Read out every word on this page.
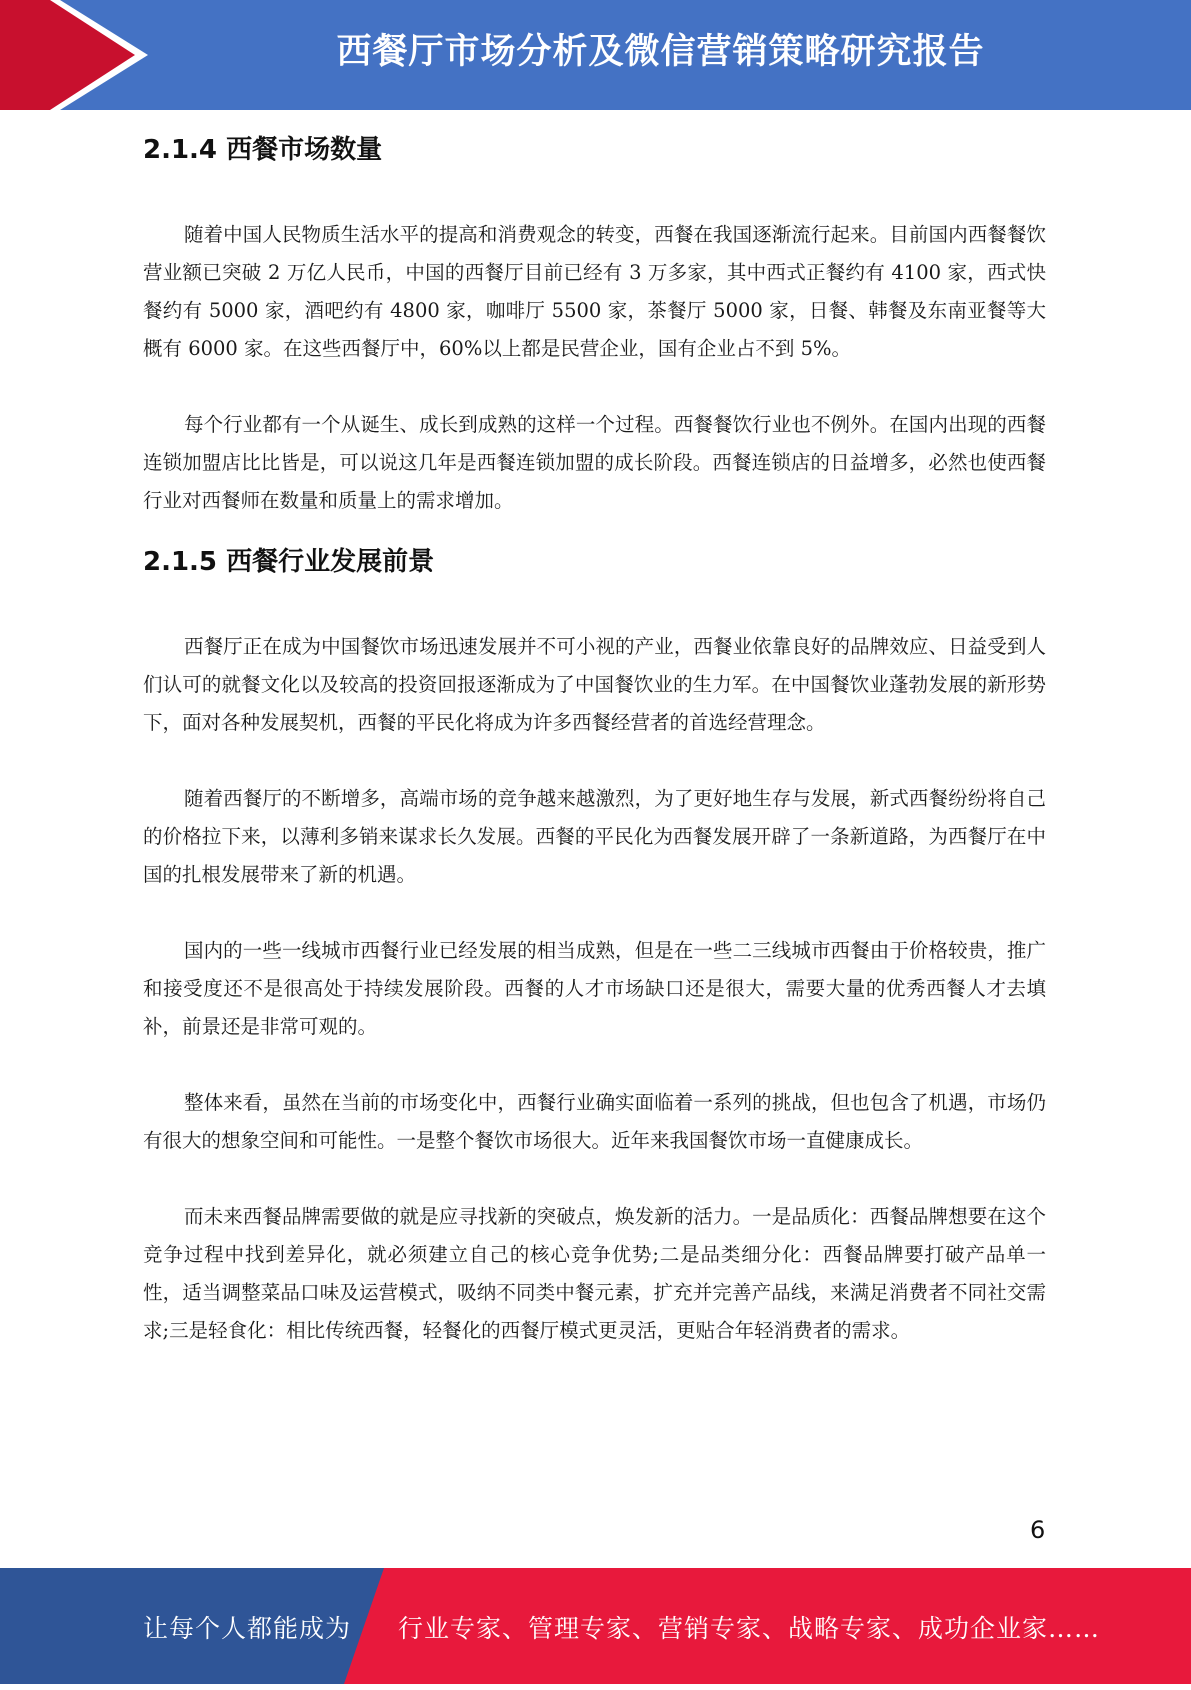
西餐厅市场分析及微信营销策略研究报告
2.1.4 西餐市场数量

随着中国人民物质生活水平的提高和消费观念的转变，西餐在我国逐渐流行起来。目前国内西餐餐饮营业额已突破 2 万亿人民币，中国的西餐厅目前已经有 3 万多家，其中西式正餐约有 4100 家，西式快餐约有 5000 家，酒吧约有 4800 家，咖啡厅 5500 家，茶餐厅 5000 家，日餐、韩餐及东南亚餐等大概有 6000 家。在这些西餐厅中，60%以上都是民营企业，国有企业占不到 5%。

每个行业都有一个从诞生、成长到成熟的这样一个过程。西餐餐饮行业也不例外。在国内出现的西餐连锁加盟店比比皆是，可以说这几年是西餐连锁加盟的成长阶段。西餐连锁店的日益增多，必然也使西餐行业对西餐师在数量和质量上的需求增加。

2.1.5 西餐行业发展前景

西餐厅正在成为中国餐饮市场迅速发展并不可小视的产业，西餐业依靠良好的品牌效应、日益受到人们认可的就餐文化以及较高的投资回报逐渐成为了中国餐饮业的生力军。在中国餐饮业蓬勃发展的新形势下，面对各种发展契机，西餐的平民化将成为许多西餐经营者的首选经营理念。

随着西餐厅的不断增多，高端市场的竞争越来越激烈，为了更好地生存与发展，新式西餐纷纷将自己的价格拉下来，以薄利多销来谋求长久发展。西餐的平民化为西餐发展开辟了一条新道路，为西餐厅在中国的扎根发展带来了新的机遇。

国内的一些一线城市西餐行业已经发展的相当成熟，但是在一些二三线城市西餐由于价格较贵，推广和接受度还不是很高处于持续发展阶段。西餐的人才市场缺口还是很大，需要大量的优秀西餐人才去填补，前景还是非常可观的。

整体来看，虽然在当前的市场变化中，西餐行业确实面临着一系列的挑战，但也包含了机遇，市场仍有很大的想象空间和可能性。一是整个餐饮市场很大。近年来我国餐饮市场一直健康成长。

而未来西餐品牌需要做的就是应寻找新的突破点，焕发新的活力。一是品质化：西餐品牌想要在这个竞争过程中找到差异化，就必须建立自己的核心竞争优势;二是品类细分化：西餐品牌要打破产品单一性，适当调整菜品口味及运营模式，吸纳不同类中餐元素，扩充并完善产品线，来满足消费者不同社交需求;三是轻食化：相比传统西餐，轻餐化的西餐厅模式更灵活，更贴合年轻消费者的需求。

6
让每个人都能成为 行业专家、管理专家、营销专家、战略专家、成功企业家……
